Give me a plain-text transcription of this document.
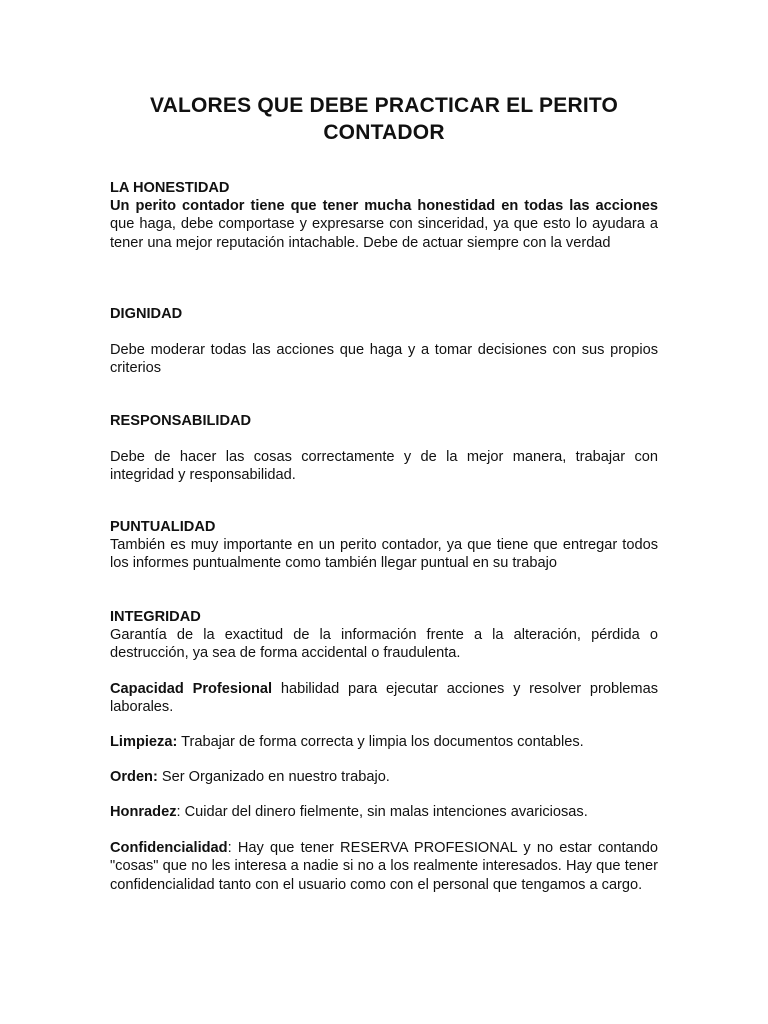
VALORES QUE DEBE PRACTICAR EL PERITO
CONTADOR
LA HONESTIDAD

Un perito contador tiene que tener mucha honestidad en todas las acciones que haga, debe comportase y expresarse con sinceridad, ya que esto lo ayudara a tener una mejor reputación intachable. Debe de actuar siempre con la verdad

DIGNIDAD

Debe moderar todas las acciones que haga y a tomar decisiones con sus propios criterios

RESPONSABILIDAD

Debe de hacer las cosas correctamente y de la mejor manera, trabajar con integridad y responsabilidad.

PUNTUALIDAD

También es muy importante en un perito contador, ya que tiene que entregar todos los informes puntualmente como también llegar puntual en su trabajo

INTEGRIDAD

Garantía de la exactitud de la información frente a la alteración, pérdida o destrucción, ya sea de forma accidental o fraudulenta.

Capacidad Profesional habilidad para ejecutar acciones y resolver problemas laborales.

Limpieza: Trabajar de forma correcta y limpia los documentos contables.

Orden: Ser Organizado en nuestro trabajo.

Honradez: Cuidar del dinero fielmente, sin malas intenciones avariciosas.

Confidencialidad: Hay que tener RESERVA PROFESIONAL y no estar contando "cosas" que no les interesa a nadie si no a los realmente interesados. Hay que tener confidencialidad tanto con el usuario como con el personal que tengamos a cargo.
